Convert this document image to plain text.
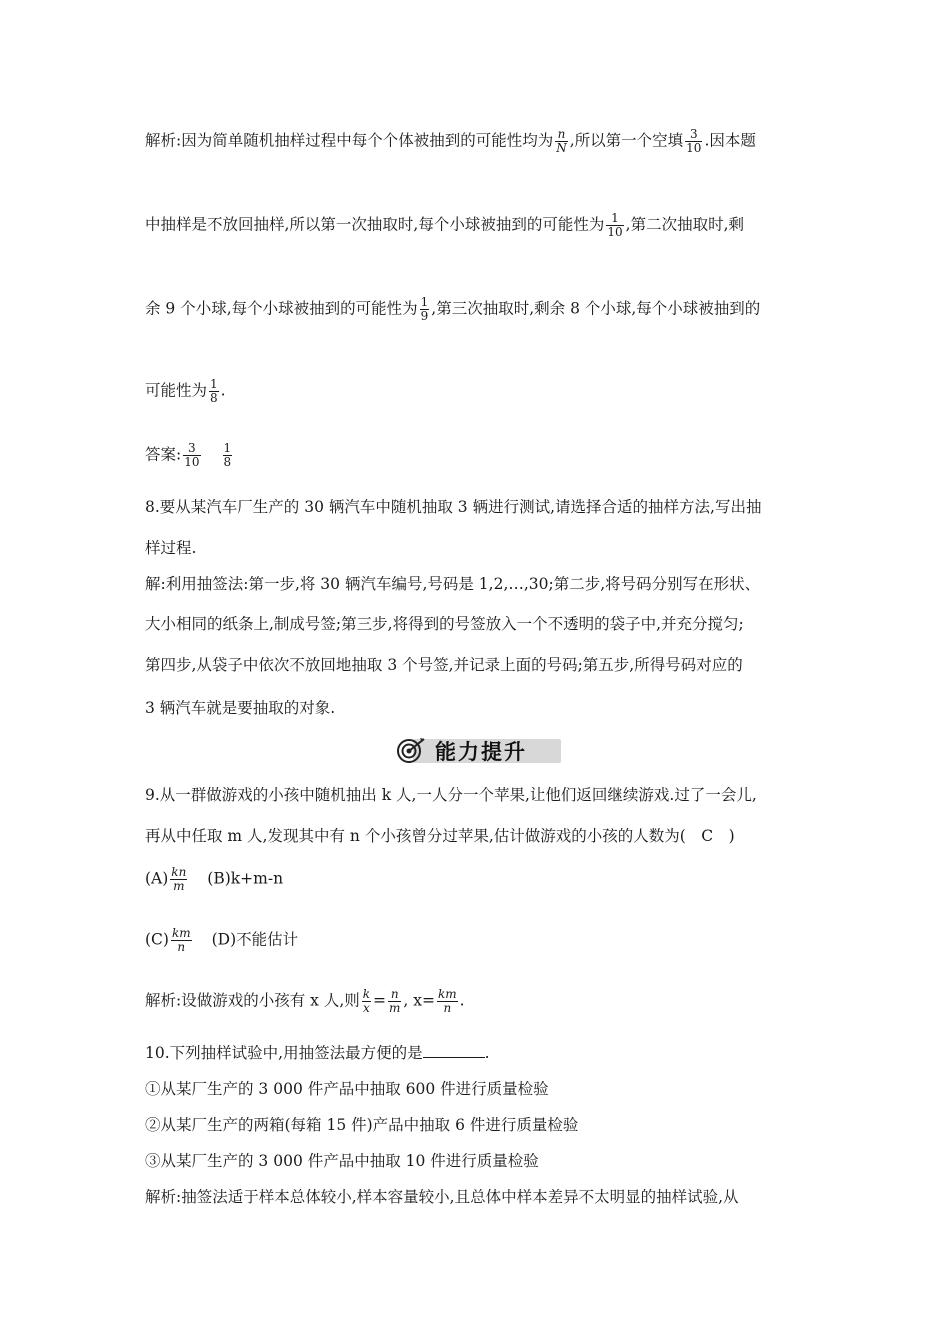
解析:因为简单随机抽样过程中每个个体被抽到的可能性均为 $\frac{n}{N}$ ,所以第一个空填 $\frac{3}{10}$ .因本题
中抽样是不放回抽样,所以第一次抽取时,每个小球被抽到的可能性为 $\frac{1}{10}$ ,第二次抽取时,剩
余 9 个小球,每个小球被抽到的可能性为 $\frac{1}{9}$ ,第三次抽取时,剩余 8 个小球,每个小球被抽到的
可能性为 $\frac{1}{8}$ .
答案: $\frac{3}{10} \frac{1}{8}$
8.要从某汽车厂生产的 30 辆汽车中随机抽取 3 辆进行测试,请选择合适的抽样方法,写出抽
样过程.
解:利用抽签法:第一步,将 30 辆汽车编号,号码是 1,2,…,30;第二步,将号码分别写在形状、
大小相同的纸条上,制成号签;第三步,将得到的号签放入一个不透明的袋子中,并充分搅匀;
第四步,从袋子中依次不放回地抽取 3 个号签,并记录上面的号码;第五步,所得号码对应的
3 辆汽车就是要抽取的对象.
能力提升
9.从一群做游戏的小孩中随机抽出 k 人,一人分一个苹果,让他们返回继续游戏.过了一会儿,
再从中任取 m 人,发现其中有 n 个小孩曾分过苹果,估计做游戏的小孩的人数为(　C　)
$(A) \frac{kn}{m} (B)k+m-n$
$(C) \frac{km}{n} (D)$不能估计
解析:设做游戏的小孩有 x 人,则 $\frac{k}{x} = \frac{n}{m}$ , $x= \frac{km}{n}$ .
10.下列抽样试验中,用抽签法最方便的是	.
①从某厂生产的 3 000 件产品中抽取 600 件进行质量检验
②从某厂生产的两箱(每箱 15 件)产品中抽取 6 件进行质量检验
③从某厂生产的 3 000 件产品中抽取 10 件进行质量检验
解析:抽签法适于样本总体较小,样本容量较小,且总体中样本差异不太明显的抽样试验,从
